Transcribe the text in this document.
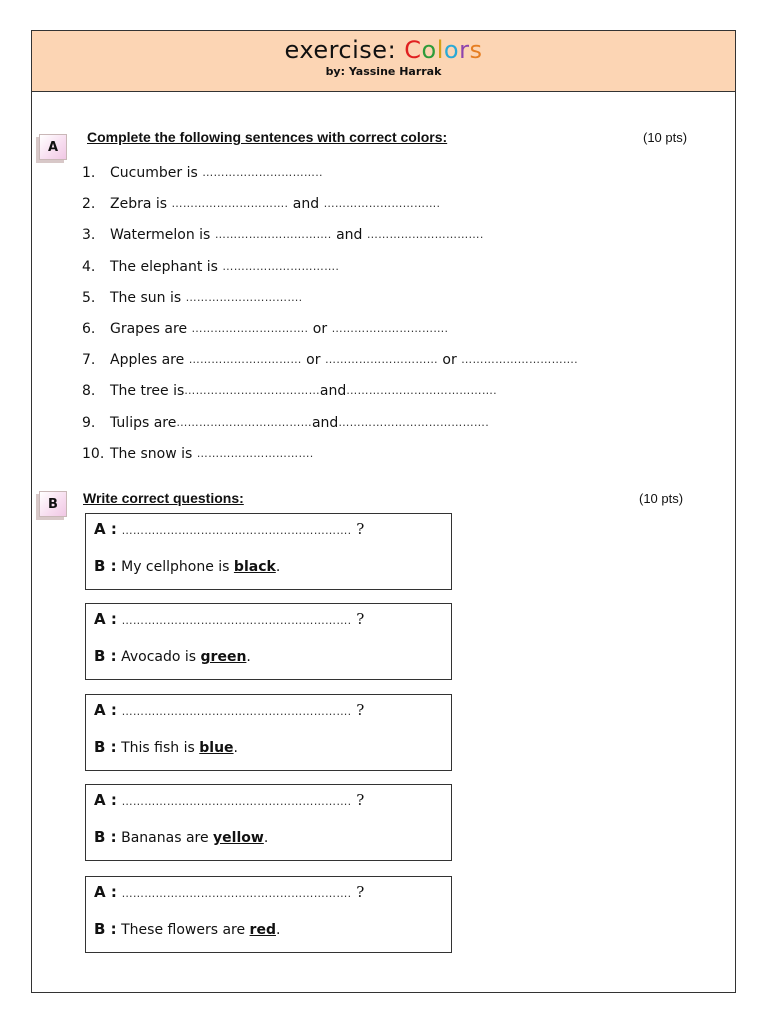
exercise: Colors
by: Yassine Harrak
A
Complete the following sentences with correct colors:	(10 pts)
1.	Cucumber is
…………………………..
2.	Zebra is
………………………….
and
………………………….
3.	Watermelon is
………………………….
and
………………………….
4.	The elephant is
………………………….
5.	The sun is
………………………….
6.	Grapes are
………………………….
or
………………………….
7.	Apples are
…………………………
or
…………………………
or
………………………….
8.	The tree is ……………………………… and ………………………………….
9.	Tulips are ……………………………… and ………………………………….
10. The snow is
………………………….
B	Write correct questions:	(10 pts)
A : ……………………………………………………. ?
B : My cellphone is black.
A : ……………………………………………………. ?
B : Avocado is green.
A : ……………………………………………………. ?
B : This fish is blue.
A : ……………………………………………………. ?
B : Bananas are yellow.
A : ……………………………………………………. ?
B : These flowers are red.
